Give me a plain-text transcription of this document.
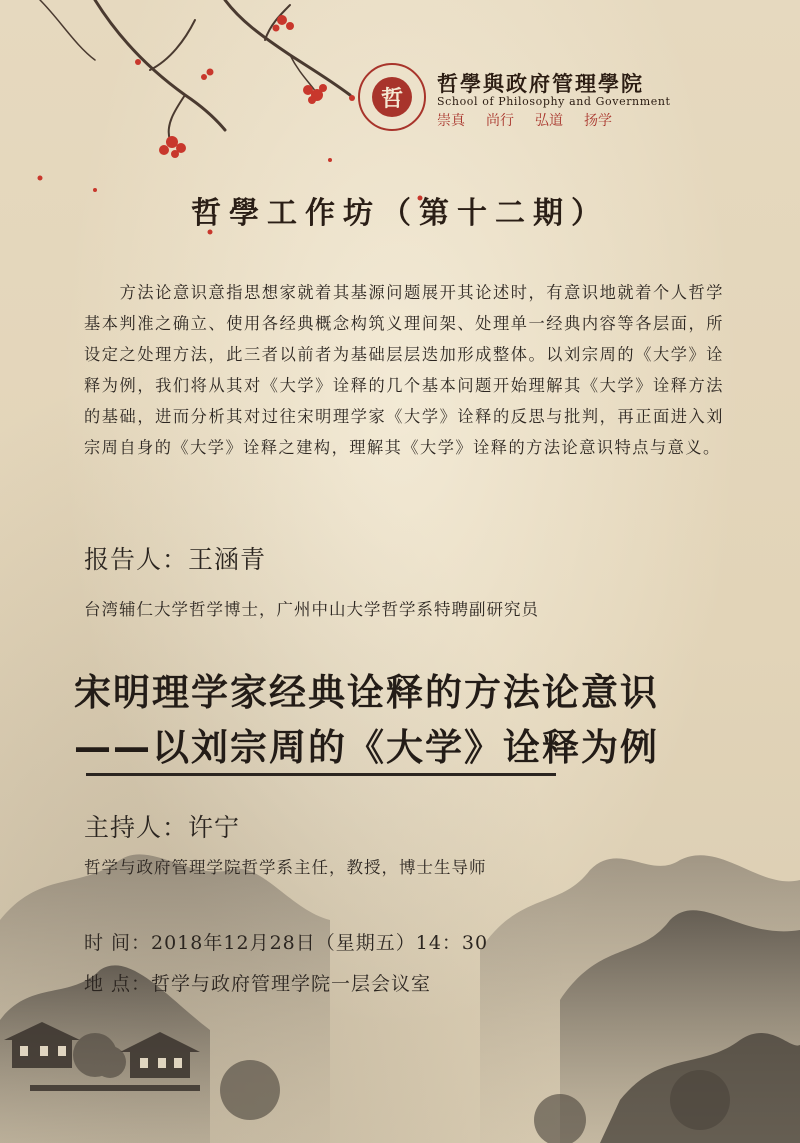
哲
哲學與政府管理學院
School of Philosophy and Government
崇真 尚行 弘道 扬学
哲學工作坊（第十二期）

方法论意识意指思想家就着其基源问题展开其论述时，有意识地就着个人哲学基本判准之确立、使用各经典概念构筑义理间架、处理单一经典内容等各层面，所设定之处理方法，此三者以前者为基础层层迭加形成整体。以刘宗周的《大学》诠释为例，我们将从其对《大学》诠释的几个基本问题开始理解其《大学》诠释方法的基础，进而分析其对过往宋明理学家《大学》诠释的反思与批判，再正面进入刘宗周自身的《大学》诠释之建构，理解其《大学》诠释的方法论意识特点与意义。

报告人：王涵青
台湾辅仁大学哲学博士，广州中山大学哲学系特聘副研究员
宋明理学家经典诠释的方法论意识
——以刘宗周的《大学》诠释为例
主持人：许宁
哲学与政府管理学院哲学系主任，教授，博士生导师
时 间：2018年12月28日（星期五）14：30
地 点：哲学与政府管理学院一层会议室
